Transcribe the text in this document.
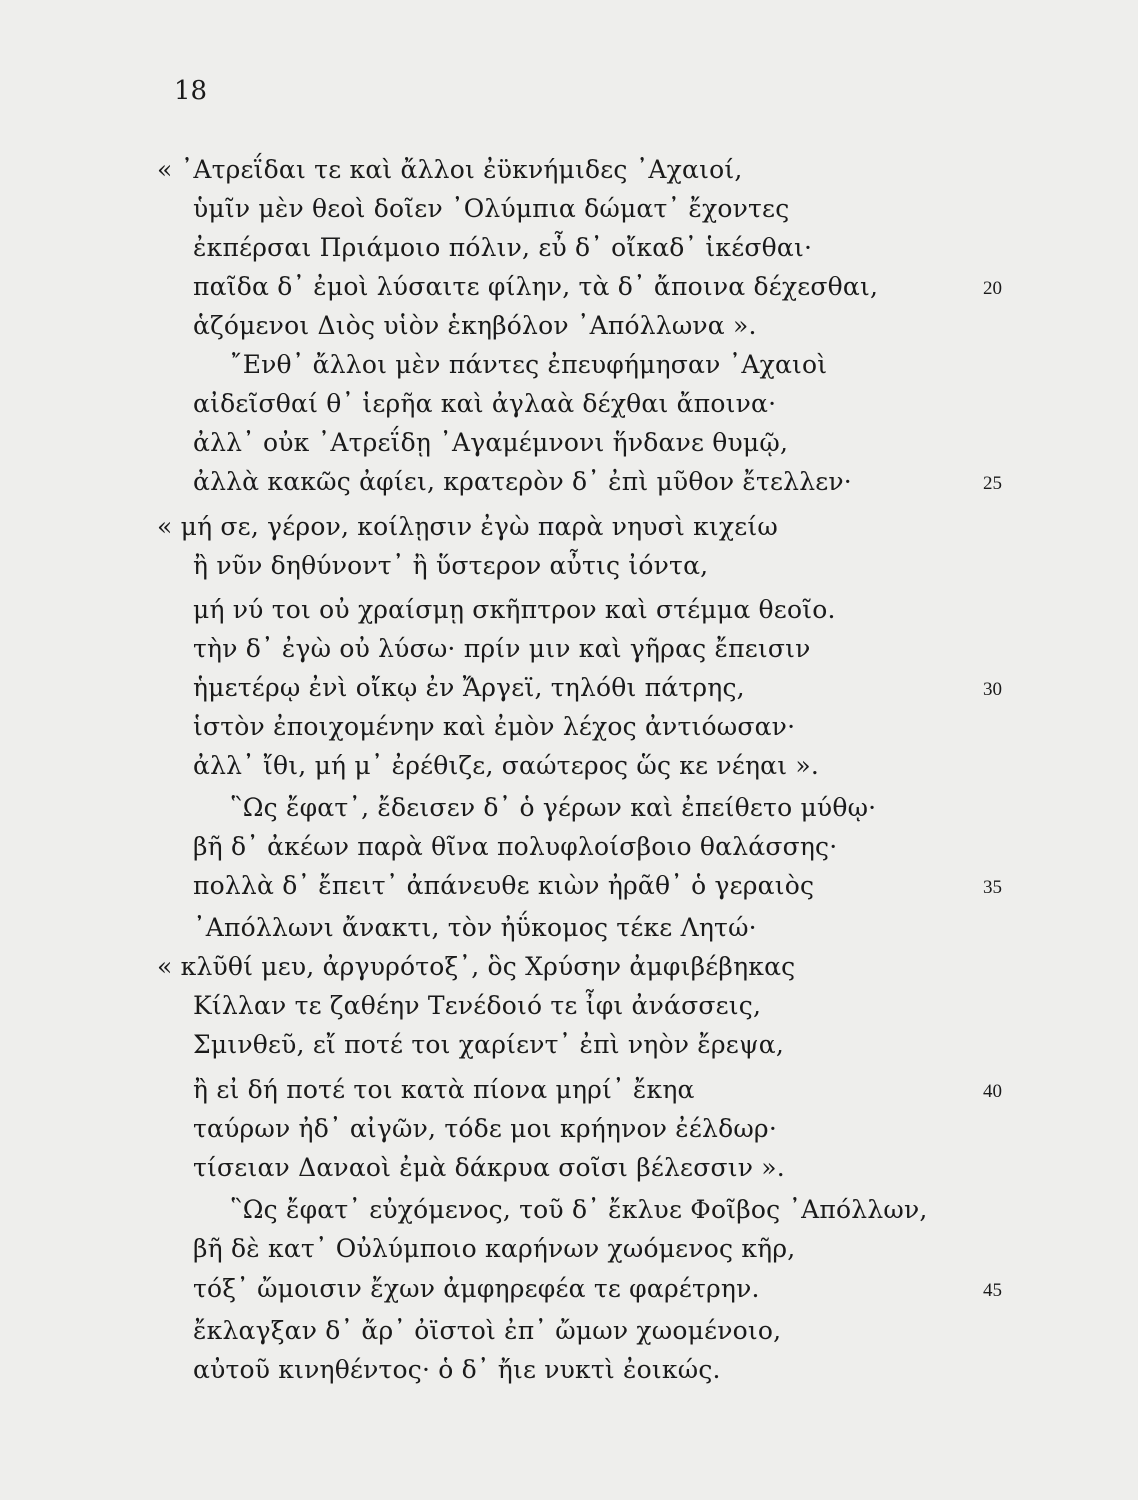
18
« ᾿Ατρεΐδαι τε καὶ ἄλλοι ἐϋκνήμιδες ᾿Αχαιοί,
ὑμῖν μὲν θεοὶ δοῖεν ᾿Ολύμπια δώματ᾿ ἔχοντες
ἐκπέρσαι Πριάμοιο πόλιν, εὖ δ᾿ οἴκαδ᾿ ἱκέσθαι·
παῖδα δ᾿ ἐμοὶ λύσαιτε φίλην, τὰ δ᾿ ἄποινα δέχεσθαι,	20
ἁζόμενοι Διὸς υἱὸν ἑκηβόλον ᾿Απόλλωνα ».
῎Ενθ᾿ ἄλλοι μὲν πάντες ἐπευφήμησαν ᾿Αχαιοὶ
αἰδεῖσθαί θ᾿ ἱερῆα καὶ ἀγλαὰ δέχθαι ἄποινα·
ἀλλ᾿ οὐκ ᾿Ατρεΐδῃ ᾿Αγαμέμνονι ἥνδανε θυμῷ,
ἀλλὰ κακῶς ἀφίει, κρατερὸν δ᾿ ἐπὶ μῦθον ἔτελλεν·	25
« μή σε, γέρον, κοίλῃσιν ἐγὼ παρὰ νηυσὶ κιχείω
ἢ νῦν δηθύνοντ᾿ ἢ ὕστερον αὖτις ἰόντα,
μή νύ τοι οὐ χραίσμῃ σκῆπτρον καὶ στέμμα θεοῖο.
τὴν δ᾿ ἐγὼ οὐ λύσω· πρίν μιν καὶ γῆρας ἔπεισιν
ἡμετέρῳ ἐνὶ οἴκῳ ἐν Ἄργεϊ, τηλόθι πάτρης,	30
ἱστὸν ἐποιχομένην καὶ ἐμὸν λέχος ἀντιόωσαν·
ἀλλ᾿ ἴθι, μή μ᾿ ἐρέθιζε, σαώτερος ὥς κε νέηαι ».
῝Ως ἔφατ᾿, ἔδεισεν δ᾿ ὁ γέρων καὶ ἐπείθετο μύθῳ·
βῆ δ᾿ ἀκέων παρὰ θῖνα πολυφλοίσβοιο θαλάσσης·
πολλὰ δ᾿ ἔπειτ᾿ ἀπάνευθε κιὼν ἠρᾶθ᾿ ὁ γεραιὸς	35
᾿Απόλλωνι ἄνακτι, τὸν ἠΰκομος τέκε Λητώ·
« κλῦθί μευ, ἀργυρότοξ᾿, ὃς Χρύσην ἀμφιβέβηκας
Κίλλαν τε ζαθέην Τενέδοιό τε ἶφι ἀνάσσεις,
Σμινθεῦ, εἴ ποτέ τοι χαρίεντ᾿ ἐπὶ νηὸν ἔρεψα,
ἢ εἰ δή ποτέ τοι κατὰ πίονα μηρί᾿ ἔκηα	40
ταύρων ἠδ᾿ αἰγῶν, τόδε μοι κρήηνον ἐέλδωρ·
τίσειαν Δαναοὶ ἐμὰ δάκρυα σοῖσι βέλεσσιν ».
῝Ως ἔφατ᾿ εὐχόμενος, τοῦ δ᾿ ἔκλυε Φοῖβος ᾿Απόλλων,
βῆ δὲ κατ᾿ Οὐλύμποιο καρήνων χωόμενος κῆρ,
τόξ᾿ ὤμοισιν ἔχων ἀμφηρεφέα τε φαρέτρην.	45
ἔκλαγξαν δ᾿ ἄρ᾿ ὀϊστοὶ ἐπ᾿ ὤμων χωομένοιο,
αὐτοῦ κινηθέντος· ὁ δ᾿ ἤιε νυκτὶ ἐοικώς.
